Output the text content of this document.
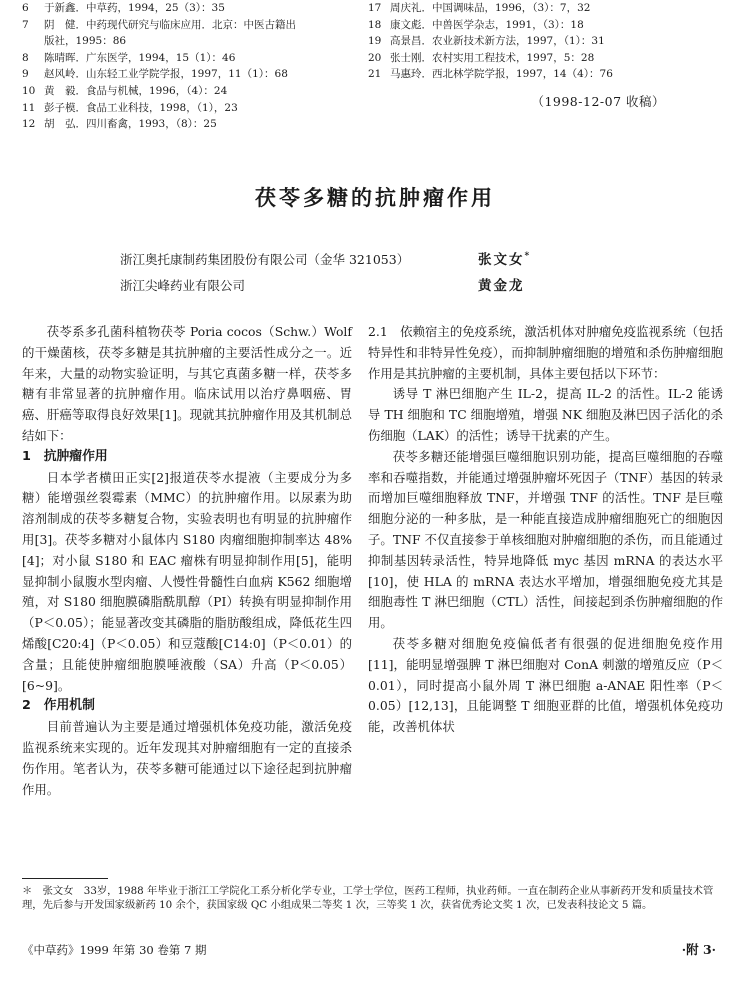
6	于新鑫．中草药，1994，25（3）：35
7	阴　健．中药现代研究与临床应用．北京：中医古籍出
版社，1995：86
8	陈晴晖．广东医学，1994，15（1）：46
9	赵风岭．山东轻工业学院学报，1997，11（1）：68
10 黄　毅．食品与机械，1996，（4）：24
11 彭子模．食品工业科技，1998，（1），23
12 胡　弘．四川畜禽，1993，（8）：25
17 周庆礼．中国调味品，1996，（3）：7，32
18 康文彪．中兽医学杂志，1991，（3）：18
19 高景昌．农业新技术新方法，1997，（1）：31
20 张士刚．农村实用工程技术，1997，5：28
21 马惠玲．西北林学院学报，1997，14（4）：76
（1998-12-07 收稿）
茯苓多糖的抗肿瘤作用
浙江奥托康制药集团股份有限公司（金华 321053）	张文女*
浙江尖峰药业有限公司	黄金龙

茯苓系多孔菌科植物茯苓 Poria cocos（Schw.）Wolf 的干燥菌核，茯苓多糖是其抗肿瘤的主要活性成分之一。近年来，大量的动物实验证明，与其它真菌多糖一样，茯苓多糖有非常显著的抗肿瘤作用。临床试用以治疗鼻咽癌、胃癌、肝癌等取得良好效果[1]。现就其抗肿瘤作用及其机制总结如下：

1　抗肿瘤作用

日本学者横田正实[2]报道茯苓水提液（主要成分为多糖）能增强丝裂霉素（MMC）的抗肿瘤作用。以尿素为助溶剂制成的茯苓多糖复合物，实验表明也有明显的抗肿瘤作用[3]。茯苓多糖对小鼠体内 S180 肉瘤细胞抑制率达 48%[4]；对小鼠 S180 和 EAC 瘤株有明显抑制作用[5]，能明显抑制小鼠腹水型肉瘤、人慢性骨髓性白血病 K562 细胞增殖，对 S180 细胞膜磷脂酰肌醇（PI）转换有明显抑制作用（P＜0.05）；能显著改变其磷脂的脂肪酸组成，降低花生四烯酸[C20:4]（P＜0.05）和豆蔻酸[C14:0]（P＜0.01）的含量；且能使肿瘤细胞膜唾液酸（SA）升高（P＜0.05）[6~9]。

2　作用机制

目前普遍认为主要是通过增强机体免疫功能，激活免疫监视系统来实现的。近年发现其对肿瘤细胞有一定的直接杀伤作用。笔者认为，茯苓多糖可能通过以下途径起到抗肿瘤作用。

2.1　依赖宿主的免疫系统，激活机体对肿瘤免疫监视系统（包括特异性和非特异性免疫），而抑制肿瘤细胞的增殖和杀伤肿瘤细胞作用是其抗肿瘤的主要机制，具体主要包括以下环节：

诱导 T 淋巴细胞产生 IL-2，提高 IL-2 的活性。IL-2 能诱导 TH 细胞和 TC 细胞增殖，增强 NK 细胞及淋巴因子活化的杀伤细胞（LAK）的活性；诱导干扰素的产生。

茯苓多糖还能增强巨噬细胞识别功能，提高巨噬细胞的吞噬率和吞噬指数，并能通过增强肿瘤坏死因子（TNF）基因的转录而增加巨噬细胞释放 TNF，并增强 TNF 的活性。TNF 是巨噬细胞分泌的一种多肽，是一种能直接造成肿瘤细胞死亡的细胞因子。TNF 不仅直接参于单核细胞对肿瘤细胞的杀伤，而且能通过抑制基因转录活性，特异地降低 myc 基因 mRNA 的表达水平[10]，使 HLA 的 mRNA 表达水平增加，增强细胞免疫尤其是细胞毒性 T 淋巴细胞（CTL）活性，间接起到杀伤肿瘤细胞的作用。

茯苓多糖对细胞免疫偏低者有很强的促进细胞免疫作用[11]，能明显增强脾 T 淋巴细胞对 ConA 刺激的增殖反应（P＜0.01），同时提高小鼠外周 T 淋巴细胞 a-ANAE 阳性率（P＜0.05）[12,13]，且能调整 T 细胞亚群的比值，增强机体免疫功能，改善机体状

＊　张文女　33岁，1988 年毕业于浙江工学院化工系分析化学专业，工学士学位，医药工程师，执业药师。一直在制药企业从事新药开发和质量技术管理，先后参与开发国家级新药 10 余个，获国家级 QC 小组成果二等奖 1 次，三等奖 1 次，获省优秀论文奖 1 次，已发表科技论文 5 篇。
《中草药》1999 年第 30 卷第 7 期	·附 3·
